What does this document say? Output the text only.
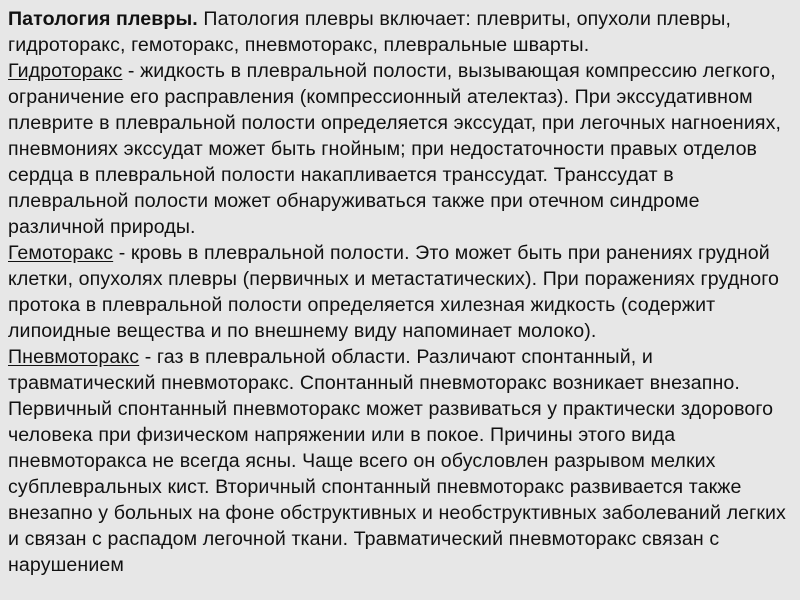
Патология плевры. Патология плевры включает: плевриты, опухоли плевры, гидроторакс, гемоторакс, пневмоторакс, плевральные шварты.

Гидроторакс - жидкость в плевральной полости, вызывающая компрессию легкого, ограничение его расправления (компрессионный ателектаз). При экссудативном плеврите в плевральной полости определяется экссудат, при легочных нагноениях, пневмониях экссудат может быть гнойным; при недостаточности правых отделов сердца в плевральной полости накапливается транссудат. Транссудат в плевральной полости может обнаруживаться также при отечном синдроме различной природы.

Гемоторакс - кровь в плевральной полости. Это может быть при ранениях грудной клетки, опухолях плевры (первичных и метастатических). При поражениях грудного протока в плевральной полости определяется хилезная жидкость (содержит липоидные вещества и по внешнему виду напоминает молоко).

Пневмоторакс - газ в плевральной области. Различают спонтанный, и травматический пневмоторакс. Спонтанный пневмоторакс возникает внезапно. Первичный спонтанный пневмоторакс может развиваться у практически здорового человека при физическом напряжении или в покое. Причины этого вида пневмоторакса не всегда ясны. Чаще всего он обусловлен разрывом мелких субплевральных кист. Вторичный спонтанный пневмоторакс развивается также внезапно у больных на фоне обструктивных и необструктивных заболеваний легких и связан с распадом легочной ткани. Травматический пневмоторакс связан с нарушением
